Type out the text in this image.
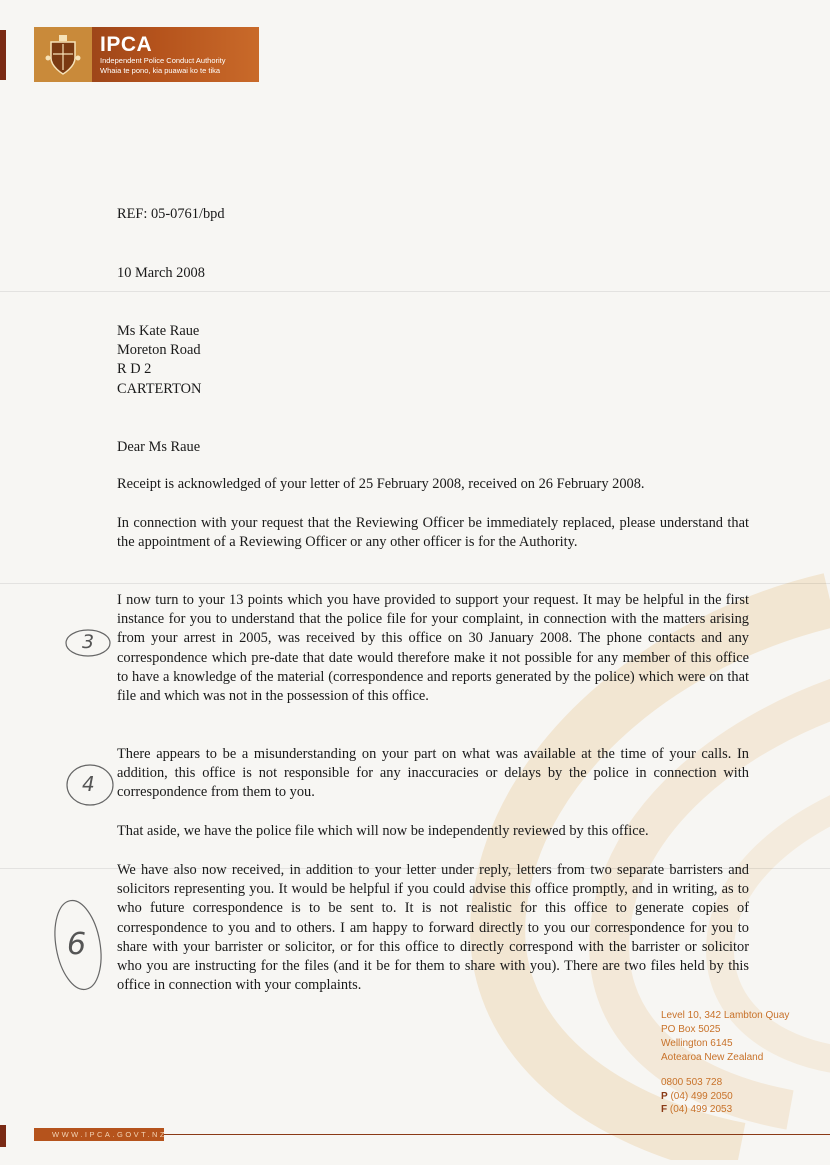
IPCA
Independent Police Conduct Authority
Whaia te pono, kia puawai ko te tika

REF: 05-0761/bpd

10 March 2008

Ms Kate Raue

Moreton Road

R D 2

CARTERTON

Dear Ms Raue

Receipt is acknowledged of your letter of 25 February 2008, received on 26 February 2008.

In connection with your request that the Reviewing Officer be immediately replaced, please understand that the appointment of a Reviewing Officer or any other officer is for the Authority.

I now turn to your 13 points which you have provided to support your request. It may be helpful in the first instance for you to understand that the police file for your complaint, in connection with the matters arising from your arrest in 2005, was received by this office on 30 January 2008. The phone contacts and any correspondence which pre-date that date would therefore make it not possible for any member of this office to have a knowledge of the material (correspondence and reports generated by the police) which were on that file and which was not in the possession of this office.

There appears to be a misunderstanding on your part on what was available at the time of your calls. In addition, this office is not responsible for any inaccuracies or delays by the police in connection with correspondence from them to you.

That aside, we have the police file which will now be independently reviewed by this office.

We have also now received, in addition to your letter under reply, letters from two separate barristers and solicitors representing you. It would be helpful if you could advise this office promptly, and in writing, as to who future correspondence is to be sent to. It is not realistic for this office to generate copies of correspondence to you and to others. I am happy to forward directly to you our correspondence for you to share with your barrister or solicitor, or for this office to directly correspond with the barrister or solicitor who you are instructing for the files (and it be for them to share with you). There are two files held by this office in connection with your complaints.

3
4
6
Level 10, 342 Lambton Quay
PO Box 5025
Wellington 6145
Aotearoa New Zealand
0800 503 728
P (04) 499 2050
F (04) 499 2053
WWW.IPCA.GOVT.NZ
